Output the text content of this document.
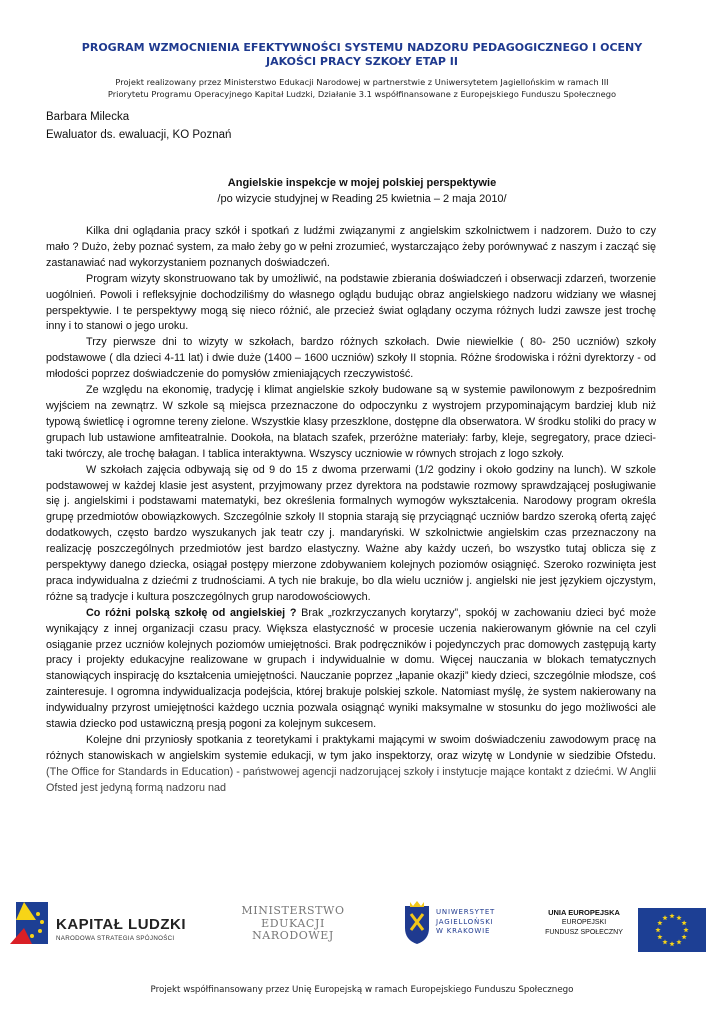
PROGRAM WZMOCNIENIA EFEKTYWNOŚCI SYSTEMU NADZORU PEDAGOGICZNEGO I OCENY
JAKOŚCI PRACY SZKOŁY ETAP II
Projekt realizowany przez Ministerstwo Edukacji Narodowej w partnerstwie z Uniwersytetem Jagiellońskim w ramach III
Priorytetu Programu Operacyjnego Kapitał Ludzki, Działanie 3.1 współfinansowane z Europejskiego Funduszu Społecznego
Barbara Milecka
Ewaluator ds. ewaluacji, KO Poznań
Angielskie inspekcje w mojej polskiej perspektywie
/po wizycie studyjnej w Reading 25 kwietnia – 2 maja 2010/

Kilka dni oglądania pracy szkół i spotkań z ludźmi związanymi z angielskim szkolnictwem i nadzorem. Dużo to czy mało ? Dużo, żeby poznać system, za mało żeby go w pełni zrozumieć, wystarczająco żeby porównywać z naszym i zacząć się zastanawiać nad wykorzystaniem poznanych doświadczeń.

Program wizyty skonstruowano tak by umożliwić, na podstawie zbierania doświadczeń i obserwacji zdarzeń, tworzenie uogólnień. Powoli i refleksyjnie dochodziliśmy do własnego oglądu budując obraz angielskiego nadzoru widziany we własnej perspektywie. I te perspektywy mogą się nieco różnić, ale przecież świat oglądany oczyma różnych ludzi zawsze jest trochę inny i to stanowi o jego uroku.

Trzy pierwsze dni to wizyty w szkołach, bardzo różnych szkołach. Dwie niewielkie ( 80- 250 uczniów) szkoły podstawowe ( dla dzieci 4-11 lat) i dwie duże (1400 – 1600 uczniów) szkoły II stopnia. Różne środowiska i różni dyrektorzy - od młodości poprzez doświadczenie do pomysłów zmieniających rzeczywistość.

Ze względu na ekonomię, tradycję i klimat angielskie szkoły budowane są w systemie pawilonowym z bezpośrednim wyjściem na zewnątrz. W szkole są miejsca przeznaczone do odpoczynku z wystrojem przypominającym bardziej klub niż typową świetlicę i ogromne tereny zielone. Wszystkie klasy przeszklone, dostępne dla obserwatora. W środku stoliki do pracy w grupach lub ustawione amfiteatralnie. Dookoła, na blatach szafek, przeróżne materiały: farby, kleje, segregatory, prace dzieci- taki twórczy, ale trochę bałagan. I tablica interaktywna. Wszyscy uczniowie w równych strojach z logo szkoły.

W szkołach zajęcia odbywają się od 9 do 15 z dwoma przerwami (1/2 godziny i około godziny na lunch). W szkole podstawowej w każdej klasie jest asystent, przyjmowany przez dyrektora na podstawie rozmowy sprawdzającej posługiwanie się j. angielskimi i podstawami matematyki, bez określenia formalnych wymogów wykształcenia. Narodowy program określa grupę przedmiotów obowiązkowych. Szczególnie szkoły II stopnia starają się przyciągnąć uczniów bardzo szeroką ofertą zajęć dodatkowych, często bardzo wyszukanych jak teatr czy j. mandaryński. W szkolnictwie angielskim czas przeznaczony na realizację poszczególnych przedmiotów jest bardzo elastyczny. Ważne aby każdy uczeń, bo wszystko tutaj oblicza się z perspektywy danego dziecka, osiągał postępy mierzone zdobywaniem kolejnych poziomów osiągnięć. Szeroko rozwinięta jest praca indywidualna z dziećmi z trudnościami. A tych nie brakuje, bo dla wielu uczniów j. angielski nie jest językiem ojczystym, różne są tradycje i kultura poszczególnych grup narodowościowych.

Co różni polską szkołę od angielskiej ? Brak „rozkrzyczanych korytarzy”, spokój w zachowaniu dzieci być może wynikający z innej organizacji czasu pracy. Większa elastyczność w procesie uczenia nakierowanym głównie na cel czyli osiąganie przez uczniów kolejnych poziomów umiejętności. Brak podręczników i pojedynczych prac domowych zastępują karty pracy i projekty edukacyjne realizowane w grupach i indywidualnie w domu. Więcej nauczania w blokach tematycznych stanowiących inspirację do kształcenia umiejętności. Nauczanie poprzez „łapanie okazji” kiedy dzieci, szczególnie młodsze, coś zainteresuje. I ogromna indywidualizacja podejścia, której brakuje polskiej szkole. Natomiast myślę, że system nakierowany na indywidualny przyrost umiejętności każdego ucznia pozwala osiągnąć wyniki maksymalne w stosunku do jego możliwości ale stawia dziecko pod ustawiczną presją pogoni za kolejnym sukcesem.

Kolejne dni przyniosły spotkania z teoretykami i praktykami mającymi w swoim doświadczeniu zawodowym pracę na różnych stanowiskach w angielskim systemie edukacji, w tym jako inspektorzy, oraz wizytę w Londynie w siedzibie Ofstedu. (The Office for Standards in Education) - państwowej agencji nadzorującej szkoły i instytucje mające kontakt z dziećmi. W Anglii Ofsted jest jedyną formą nadzoru nad

KAPITAŁ LUDZKI
NARODOWA STRATEGIA SPÓJNOŚCI
MINISTERSTWO
EDUKACJI
NARODOWEJ
UNIWERSYTET
JAGIELLOŃSKI
W KRAKOWIE
UNIA EUROPEJSKA
EUROPEJSKI
FUNDUSZ SPOŁECZNY
Projekt współfinansowany przez Unię Europejską w ramach Europejskiego Funduszu Społecznego
